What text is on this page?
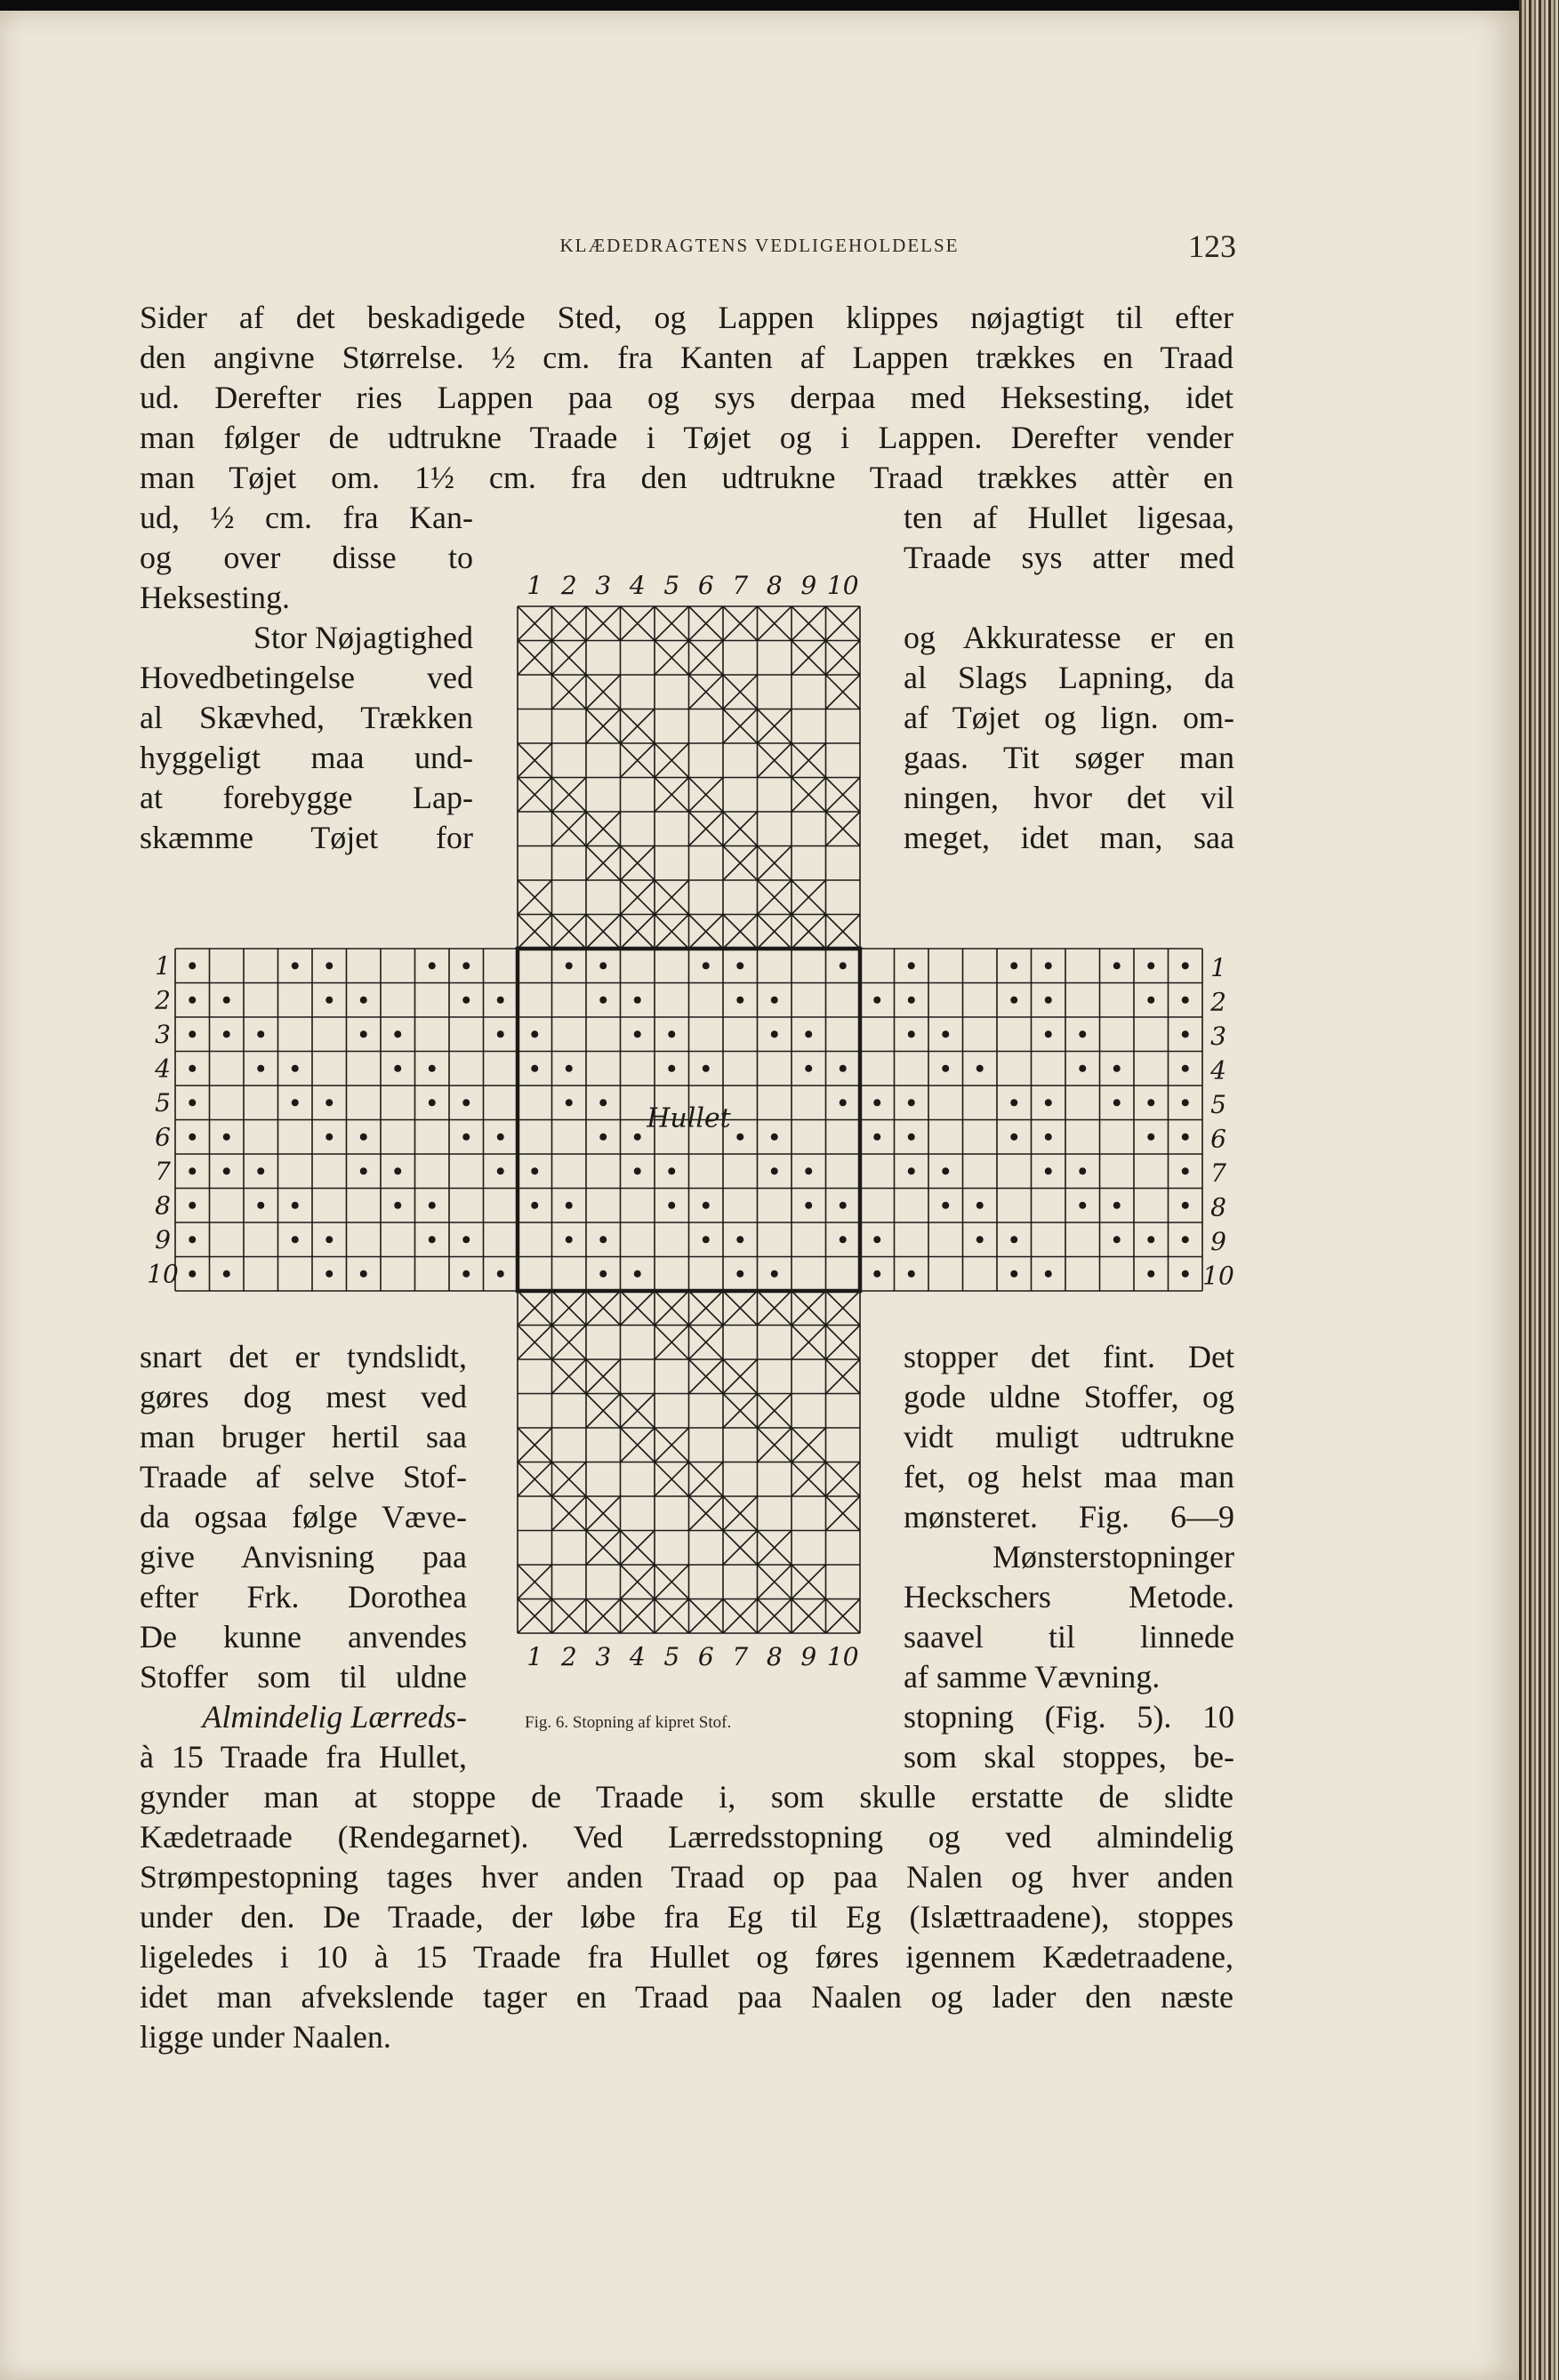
KLÆDEDRAGTENS VEDLIGEHOLDELSE	123
Sider af det beskadigede Sted, og Lappen klippes nøjagtigt til efter
den angivne Størrelse. ½ cm. fra Kanten af Lappen trækkes en Traad
ud. Derefter ries Lappen paa og sys derpaa med Heksesting, idet
man følger de udtrukne Traade i Tøjet og i Lappen. Derefter vender
man Tøjet om. 1½ cm. fra den udtrukne Traad trækkes attèr en
ud, ½ cm. fra Kan-
og over disse to
Heksesting.
Stor Nøjagtighed
Hovedbetingelse ved
al Skævhed, Trækken
hyggeligt maa und-
at forebygge Lap-
skæmme Tøjet for
ten af Hullet ligesaa,
Traade sys atter med
og Akkuratesse er en
al Slags Lapning, da
af Tøjet og lign. om-
gaas. Tit søger man
ningen, hvor det vil
meget, idet man, saa
snart det er tyndslidt,
gøres dog mest ved
man bruger hertil saa
Traade af selve Stof-
da ogsaa følge Væve-
give Anvisning paa
efter Frk. Dorothea
De kunne anvendes
Stoffer som til uldne
Almindelig Lærreds-
à 15 Traade fra Hullet,
stopper det fint. Det
gode uldne Stoffer, og
vidt muligt udtrukne
fet, og helst maa man
mønsteret. Fig. 6—9
Mønsterstopninger
Heckschers Metode.
saavel til linnede
af samme Vævning.
stopning (Fig. 5). 10
som skal stoppes, be-
gynder man at stoppe de Traade i, som skulle erstatte de slidte
Kædetraade (Rendegarnet). Ved Lærredsstopning og ved almindelig
Strømpestopning tages hver anden Traad op paa Nalen og hver anden
under den. De Traade, der løbe fra Eg til Eg (Islættraadene), stoppes
ligeledes i 10 à 15 Traade fra Hullet og føres igennem Kædetraadene,
idet man afvekslende tager en Traad paa Naalen og lader den næste
ligge under Naalen.
Hullet
1
1
2
2
3
3
4
4
5
5
6
6
7
7
8
8
9
9
10
10
1	1
2	2
3	3
4	4
5	5
6	6
7	7
8	8
9	9
10	10
Fig. 6. Stopning af kipret Stof.
